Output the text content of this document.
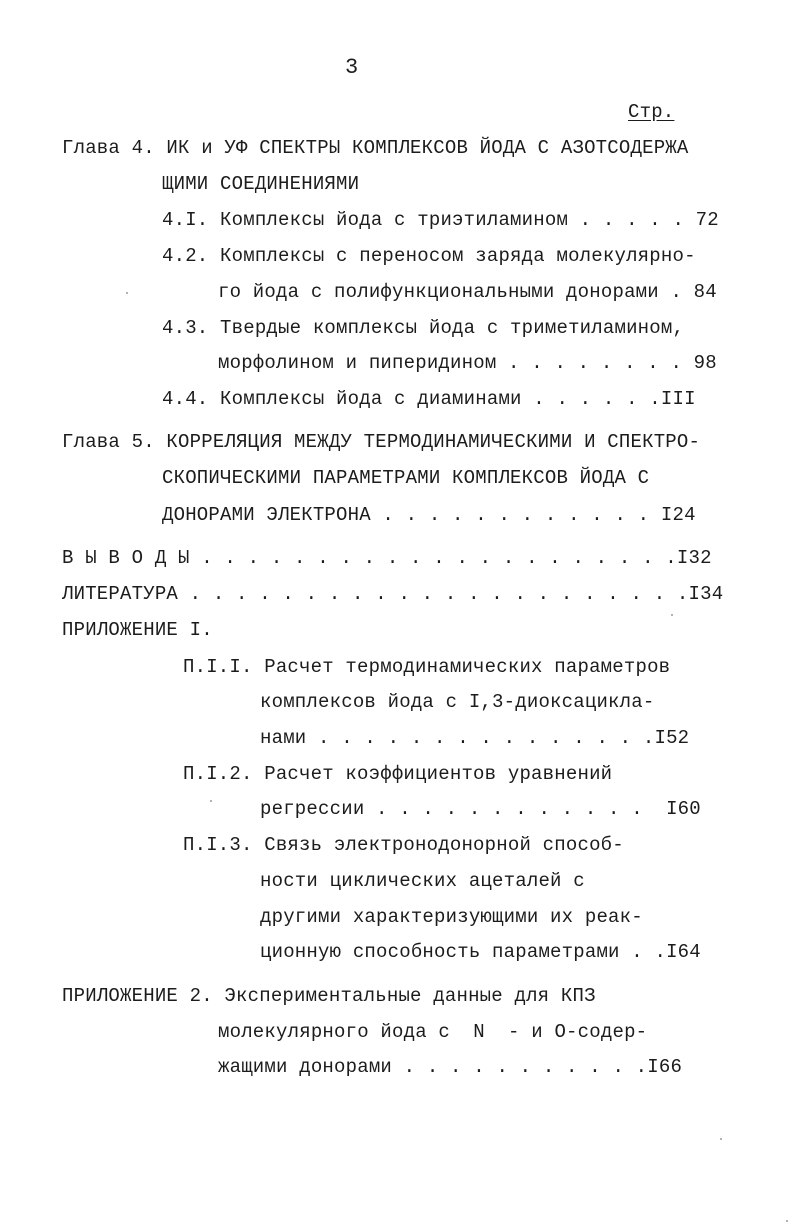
3
Стр.
Глава 4. ИК и УФ СПЕКТРЫ КОМПЛЕКСОВ ЙОДА С АЗОТСОДЕРЖА
ЩИМИ СОЕДИНЕНИЯМИ
4.I. Комплексы йода с триэтиламином . . . . . 72
4.2. Комплексы с переносом заряда молекулярно-
го йода с полифункциональными донорами . 84
4.3. Твердые комплексы йода с триметиламином,
морфолином и пиперидином . . . . . . . . 98
4.4. Комплексы йода с диаминами . . . . . .III
Глава 5. КОРРЕЛЯЦИЯ МЕЖДУ ТЕРМОДИНАМИЧЕСКИМИ И СПЕКТРО-
СКОПИЧЕСКИМИ ПАРАМЕТРАМИ КОМПЛЕКСОВ ЙОДА С
ДОНОРАМИ ЭЛЕКТРОНА . . . . . . . . . . . . I24
В Ы В О Д Ы . . . . . . . . . . . . . . . . . . . . .I32
ЛИТЕРАТУРА . . . . . . . . . . . . . . . . . . . . . .I34
ПРИЛОЖЕНИЕ I.
П.I.I. Расчет термодинамических параметров
комплексов йода с I,3-диоксацикла-
нами . . . . . . . . . . . . . . .I52
П.I.2. Расчет коэффициентов уравнений
регрессии . . . . . . . . . . . .  I60
П.I.3. Связь электронодонорной способ-
ности циклических ацеталей с
другими характеризующими их реак-
ционную способность параметрами . .I64
ПРИЛОЖЕНИЕ 2. Экспериментальные данные для КПЗ
молекулярного йода с  N  - и О-содер-
жащими донорами . . . . . . . . . . .I66
